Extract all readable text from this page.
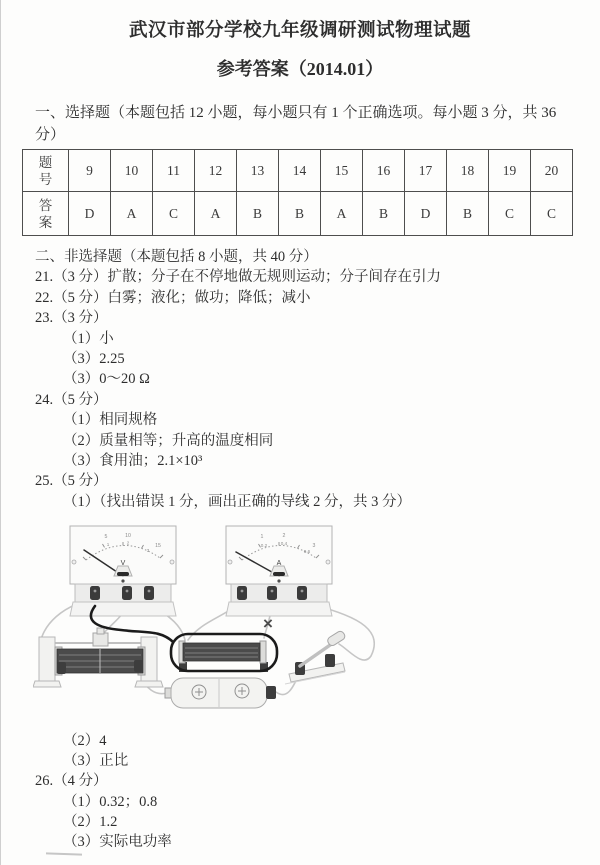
武汉市部分学校九年级调研测试物理试题
参考答案（2014.01）
一、选择题（本题包括 12 小题，每小题只有 1 个正确选项。每小题 3 分，共 36
分）
题号	9	10	11	12	13	14	15	16	17	18	19	20
答案	D	A	C	A	B	B	A	B	D	B	C	C
二、非选择题（本题包括 8 小题，共 40 分）
21.（3 分）扩散；分子在不停地做无规则运动；分子间存在引力
22.（5 分）白雾；液化；做功；降低；减小
23.（3 分）
（1）小
（3）2.25
（3）0～20 Ω
24.（5 分）
（1）相同规格
（2）质量相等；升高的温度相同
（3）食用油；2.1×10³
25.（5 分）
（1）（找出错误 1 分，画出正确的导线 2 分，共 3 分）
5	10
15
1	2
3
V
1	2
3
0.2	0.4
0.6
A
×
（2）4
（3）正比
26.（4 分）
（1）0.32；0.8
（2）1.2
（3）实际电功率
